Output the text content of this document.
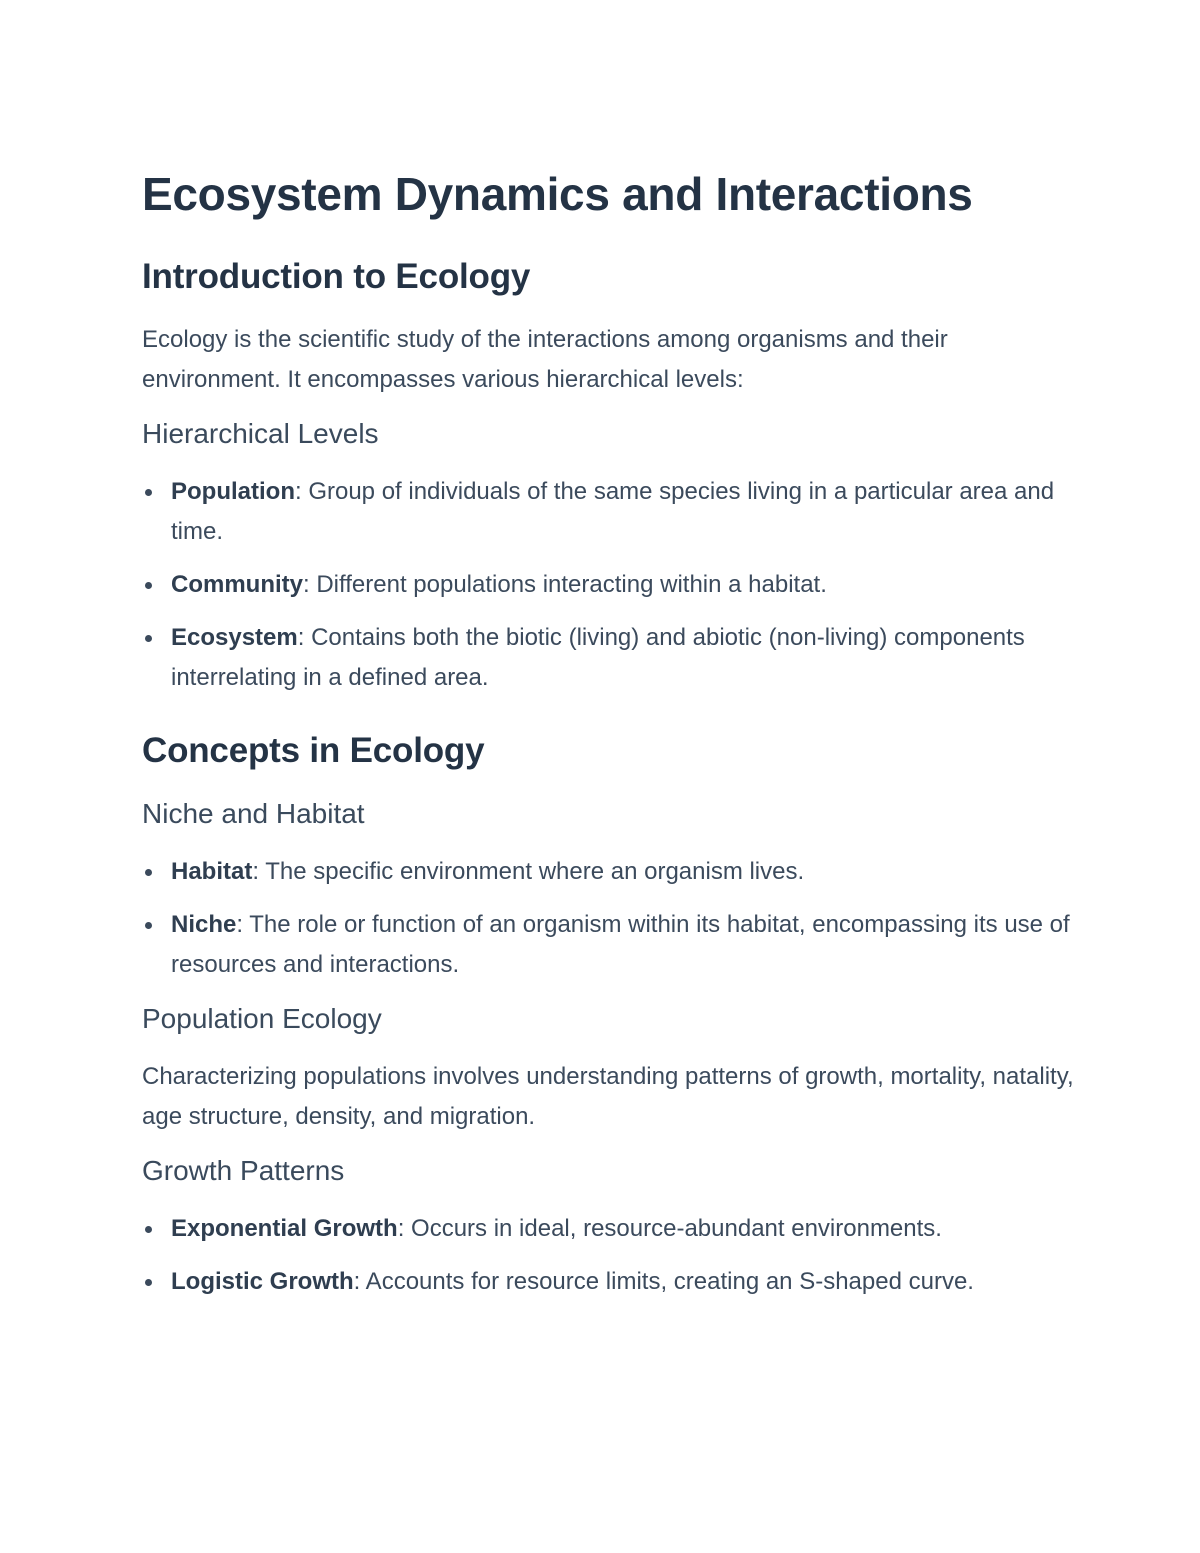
Ecosystem Dynamics and Interactions
Introduction to Ecology

Ecology is the scientific study of the interactions among organisms and their environment. It encompasses various hierarchical levels:

Hierarchical Levels
Population: Group of individuals of the same species living in a particular area and time.
Community: Different populations interacting within a habitat.
Ecosystem: Contains both the biotic (living) and abiotic (non-living) components interrelating in a defined area.
Concepts in Ecology
Niche and Habitat
Habitat: The specific environment where an organism lives.
Niche: The role or function of an organism within its habitat, encompassing its use of resources and interactions.
Population Ecology

Characterizing populations involves understanding patterns of growth, mortality, natality, age structure, density, and migration.

Growth Patterns
Exponential Growth: Occurs in ideal, resource-abundant environments.
Logistic Growth: Accounts for resource limits, creating an S-shaped curve.
